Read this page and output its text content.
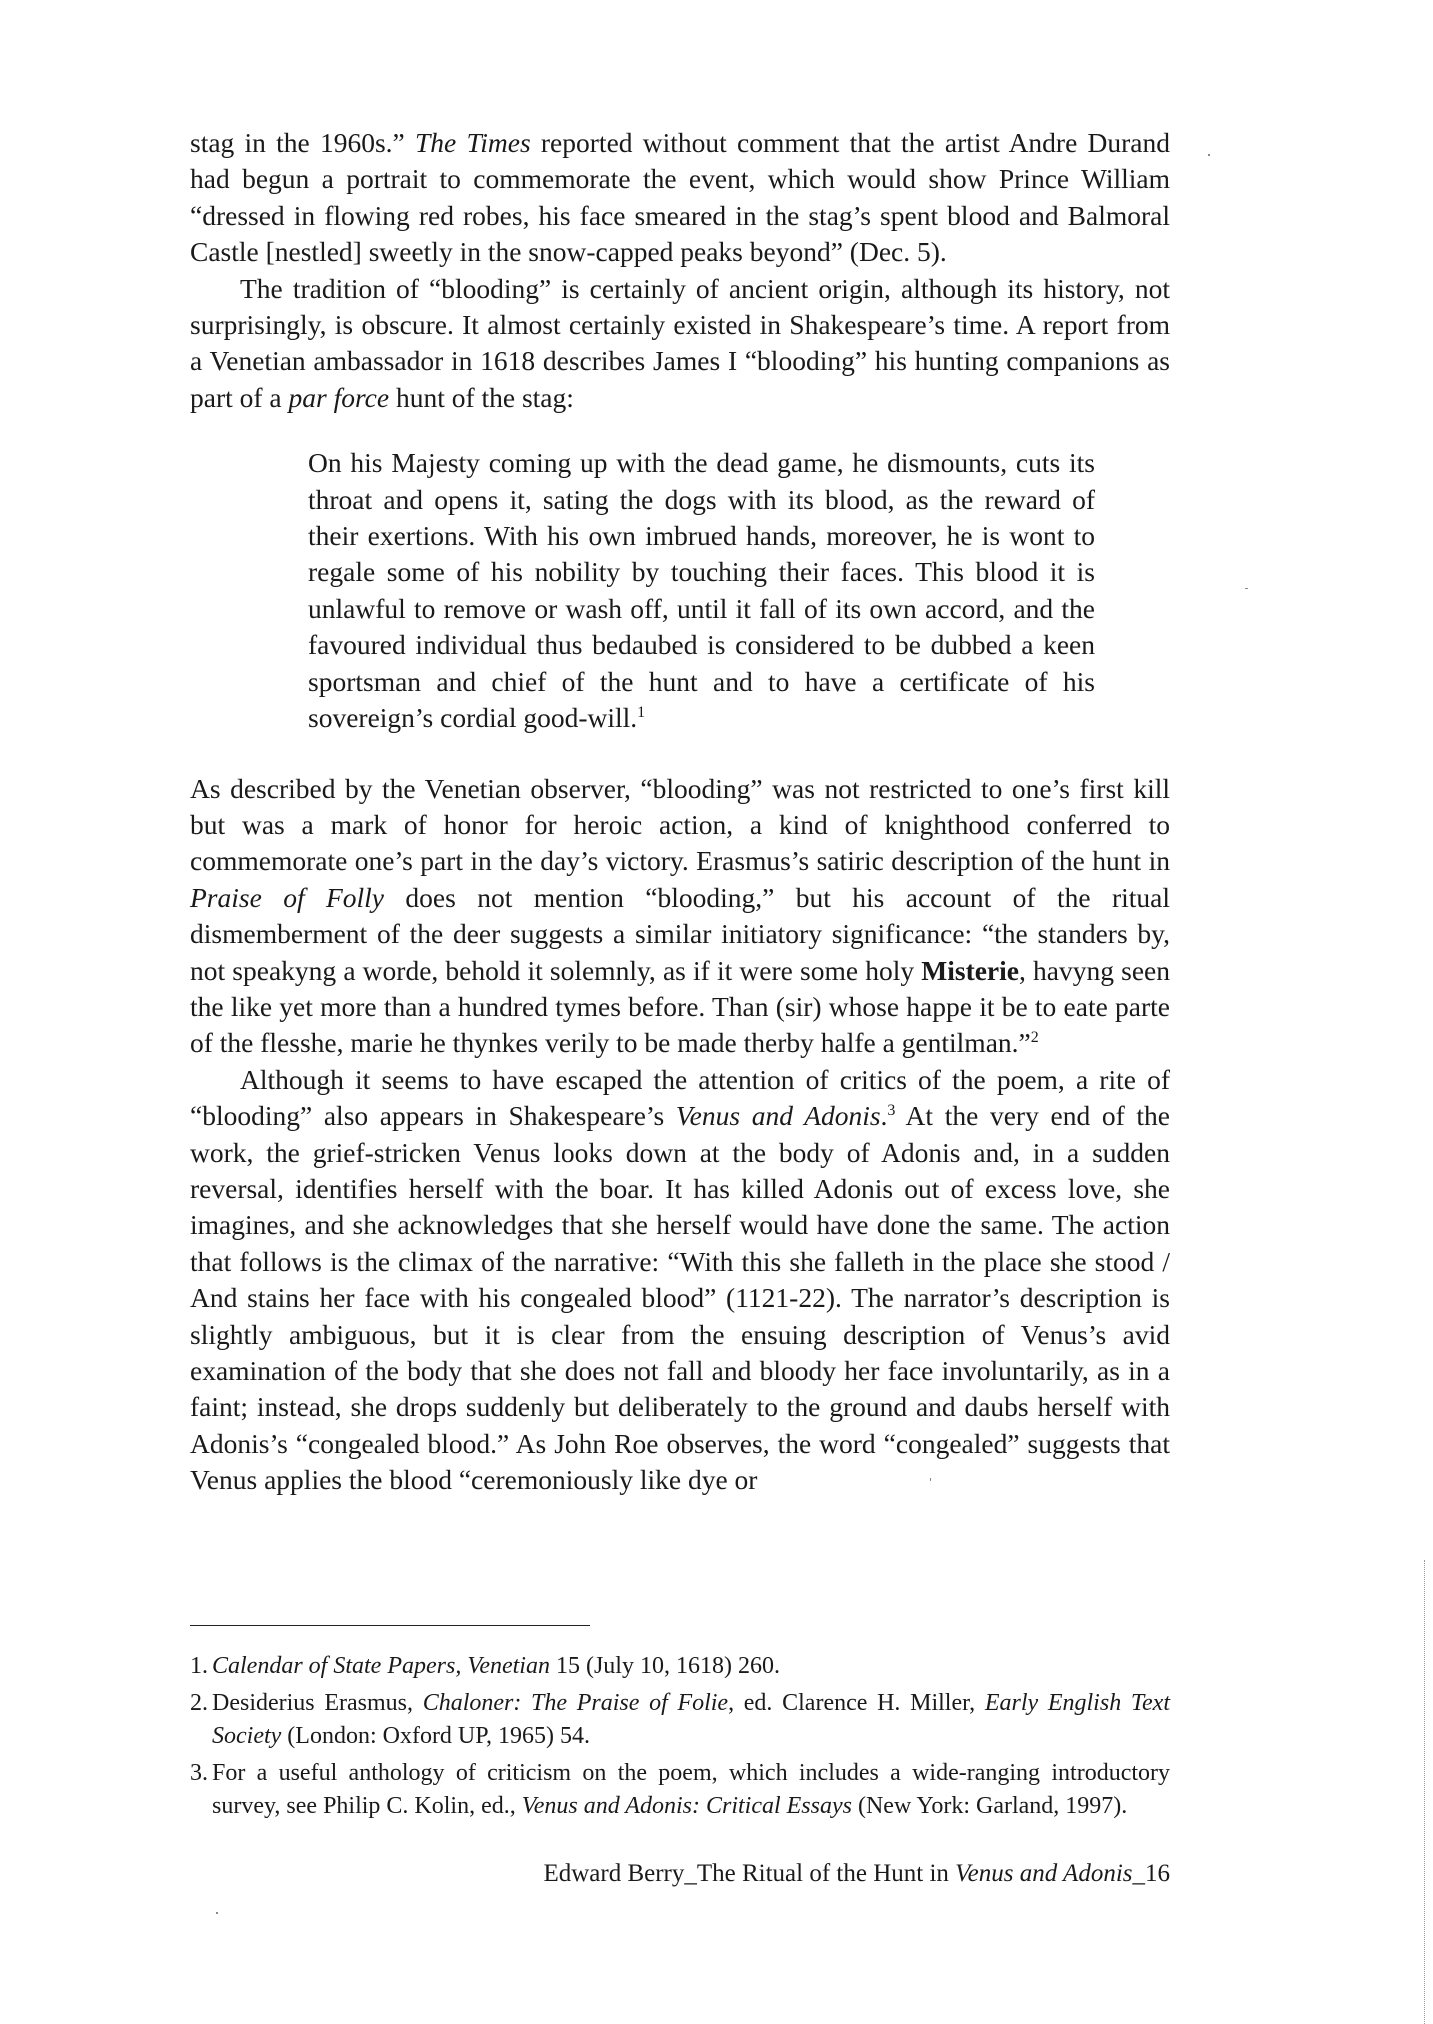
stag in the 1960s.” The Times reported without comment that the artist Andre Durand had begun a portrait to commemorate the event, which would show Prince William “dressed in flowing red robes, his face smeared in the stag’s spent blood and Balmoral Castle [nestled] sweetly in the snow-capped peaks beyond” (Dec. 5).

The tradition of “blooding” is certainly of ancient origin, although its history, not surprisingly, is obscure. It almost certainly existed in Shakespeare’s time. A report from a Venetian ambassador in 1618 describes James I “blooding” his hunting companions as part of a par force hunt of the stag:

On his Majesty coming up with the dead game, he dismounts, cuts its throat and opens it, sating the dogs with its blood, as the reward of their exertions. With his own imbrued hands, moreover, he is wont to regale some of his nobility by touching their faces. This blood it is unlawful to remove or wash off, until it fall of its own accord, and the favoured individual thus bedaubed is considered to be dubbed a keen sportsman and chief of the hunt and to have a certificate of his sovereign’s cordial good-will.$^1$

As described by the Venetian observer, “blooding” was not restricted to one’s first kill but was a mark of honor for heroic action, a kind of knighthood conferred to commemorate one’s part in the day’s victory. Erasmus’s satiric description of the hunt in Praise of Folly does not mention “blooding,” but his account of the ritual dismemberment of the deer suggests a similar initiatory significance: “the standers by, not speakyng a worde, behold it solemnly, as if it were some holy Misterie, havyng seen the like yet more than a hundred tymes before. Than (sir) whose happe it be to eate parte of the flesshe, marie he thynkes verily to be made therby halfe a gentilman.”$^2$

Although it seems to have escaped the attention of critics of the poem, a rite of “blooding” also appears in Shakespeare’s Venus and Adonis.$^3$ At the very end of the work, the grief-stricken Venus looks down at the body of Adonis and, in a sudden reversal, identifies herself with the boar. It has killed Adonis out of excess love, she imagines, and she acknowledges that she herself would have done the same. The action that follows is the climax of the narrative: “With this she falleth in the place she stood / And stains her face with his congealed blood” (1121-22). The narrator’s description is slightly ambiguous, but it is clear from the ensuing description of Venus’s avid examination of the body that she does not fall and bloody her face involuntarily, as in a faint; instead, she drops suddenly but deliberately to the ground and daubs herself with Adonis’s “congealed blood.” As John Roe observes, the word “congealed” suggests that Venus applies the blood “ceremoniously like dye or

1. Calendar of State Papers, Venetian 15 (July 10, 1618) 260.
2. Desiderius Erasmus, Chaloner: The Praise of Folie, ed. Clarence H. Miller, Early English Text Society (London: Oxford UP, 1965) 54.
3. For a useful anthology of criticism on the poem, which includes a wide-ranging introductory survey, see Philip C. Kolin, ed., Venus and Adonis: Critical Essays (New York: Garland, 1997).
Edward Berry_The Ritual of the Hunt in Venus and Adonis_16
